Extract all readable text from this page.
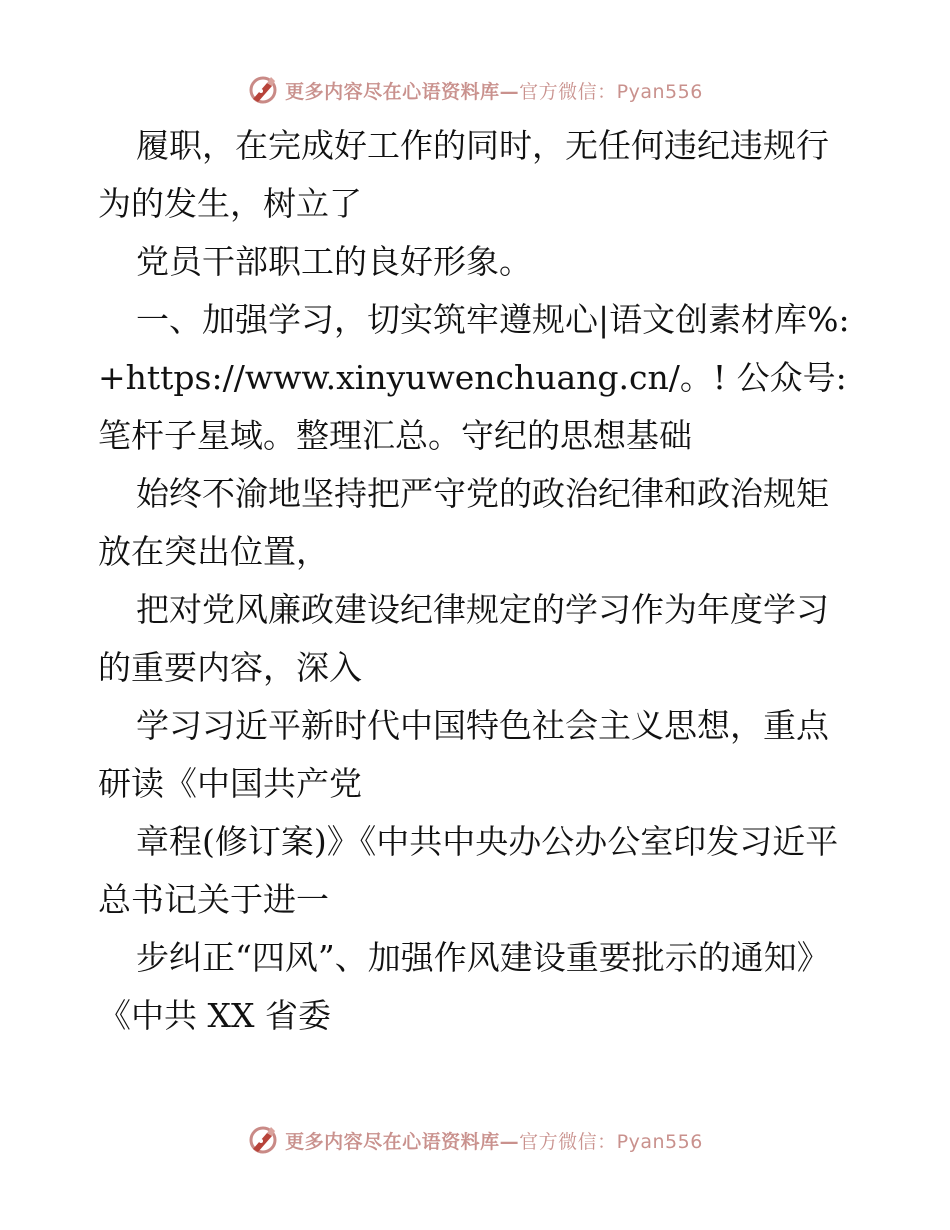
更多内容尽在心语资料库—官方微信：Pyan556

履职，在完成好工作的同时，无任何违纪违规行为的发生，树立了

党员干部职工的良好形象。

一、加强学习，切实筑牢遵规心|语文创素材库%: +https://www.xinyuwenchuang.cn/。! 公众号: 笔杆子星域。整理汇总。守纪的思想基础

始终不渝地坚持把严守党的政治纪律和政治规矩放在突出位置，

把对党风廉政建设纪律规定的学习作为年度学习的重要内容，深入

学习习近平新时代中国特色社会主义思想，重点研读《中国共产党

章程(修订案)》《中共中央办公办公室印发习近平总书记关于进一

步纠正“四风”、加强作风建设重要批示的通知》《中共 XX 省委

更多内容尽在心语资料库—官方微信：Pyan556
